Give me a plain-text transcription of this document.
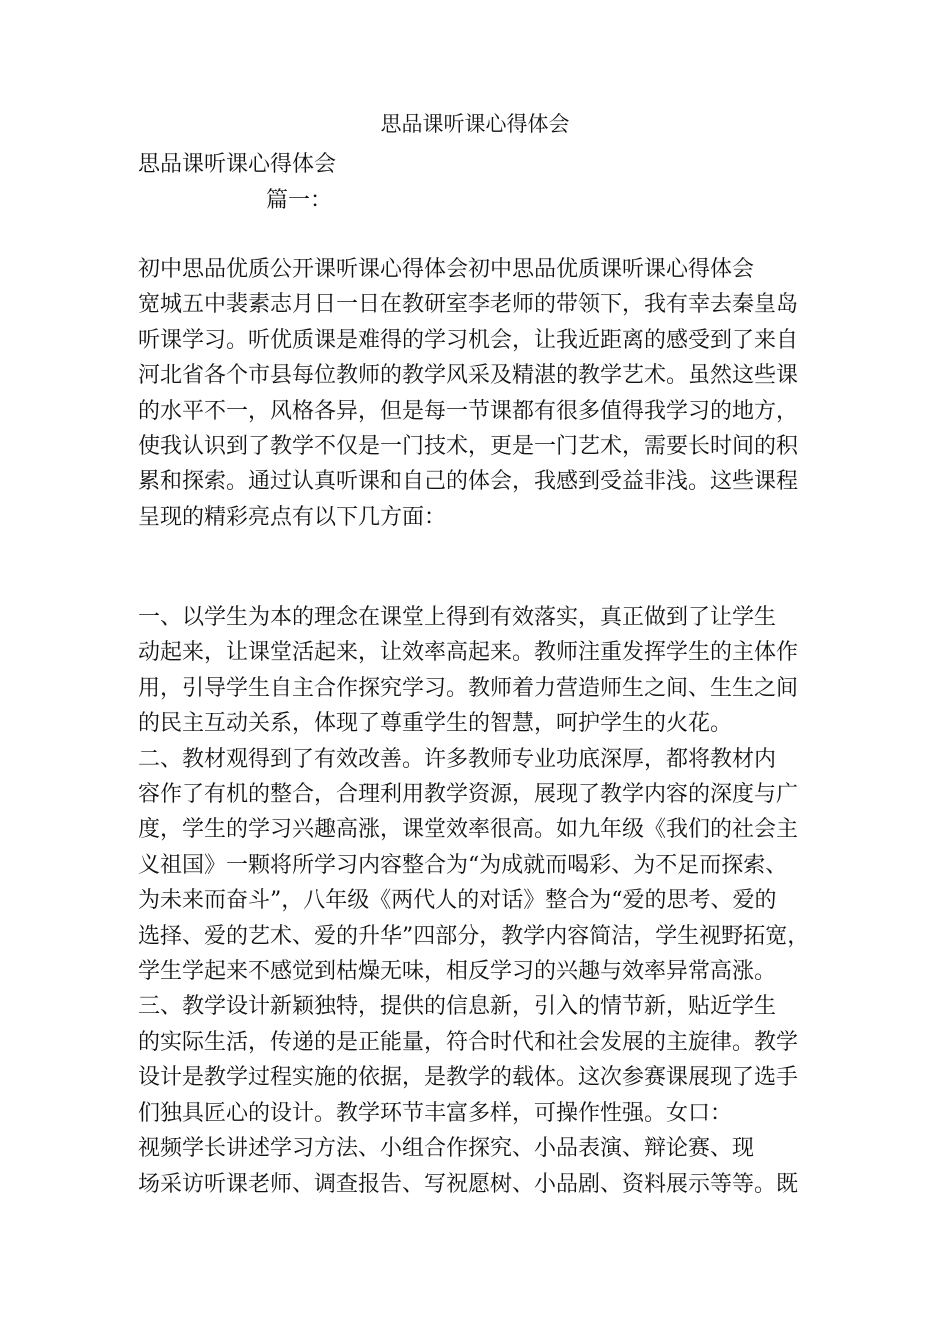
思品课听课心得体会
思品课听课心得体会
篇一：
初中思品优质公开课听课心得体会初中思品优质课听课心得体会
宽城五中裴素志月日一日在教研室李老师的带领下，我有幸去秦皇岛
听课学习。听优质课是难得的学习机会，让我近距离的感受到了来自
河北省各个市县每位教师的教学风采及精湛的教学艺术。虽然这些课
的水平不一，风格各异，但是每一节课都有很多值得我学习的地方，
使我认识到了教学不仅是一门技术，更是一门艺术，需要长时间的积
累和探索。通过认真听课和自己的体会，我感到受益非浅。这些课程
呈现的精彩亮点有以下几方面：
一、以学生为本的理念在课堂上得到有效落实，真正做到了让学生
动起来，让课堂活起来，让效率高起来。教师注重发挥学生的主体作
用，引导学生自主合作探究学习。教师着力营造师生之间、生生之间
的民主互动关系，体现了尊重学生的智慧，呵护学生的火花。
二、教材观得到了有效改善。许多教师专业功底深厚，都将教材内
容作了有机的整合，合理利用教学资源，展现了教学内容的深度与广
度，学生的学习兴趣高涨，课堂效率很高。如九年级《我们的社会主
义祖国》一颗将所学习内容整合为“为成就而喝彩、为不足而探索、
为未来而奋斗”，八年级《两代人的对话》整合为“爱的思考、爱的
选择、爱的艺术、爱的升华”四部分，教学内容简洁，学生视野拓宽，
学生学起来不感觉到枯燥无味，相反学习的兴趣与效率异常高涨。
三、教学设计新颖独特，提供的信息新，引入的情节新，贴近学生
的实际生活，传递的是正能量，符合时代和社会发展的主旋律。教学
设计是教学过程实施的依据，是教学的载体。这次参赛课展现了选手
们独具匠心的设计。教学环节丰富多样，可操作性强。女口：
视频学长讲述学习方法、小组合作探究、小品表演、辩论赛、现
场采访听课老师、调查报告、写祝愿树、小品剧、资料展示等等。既
